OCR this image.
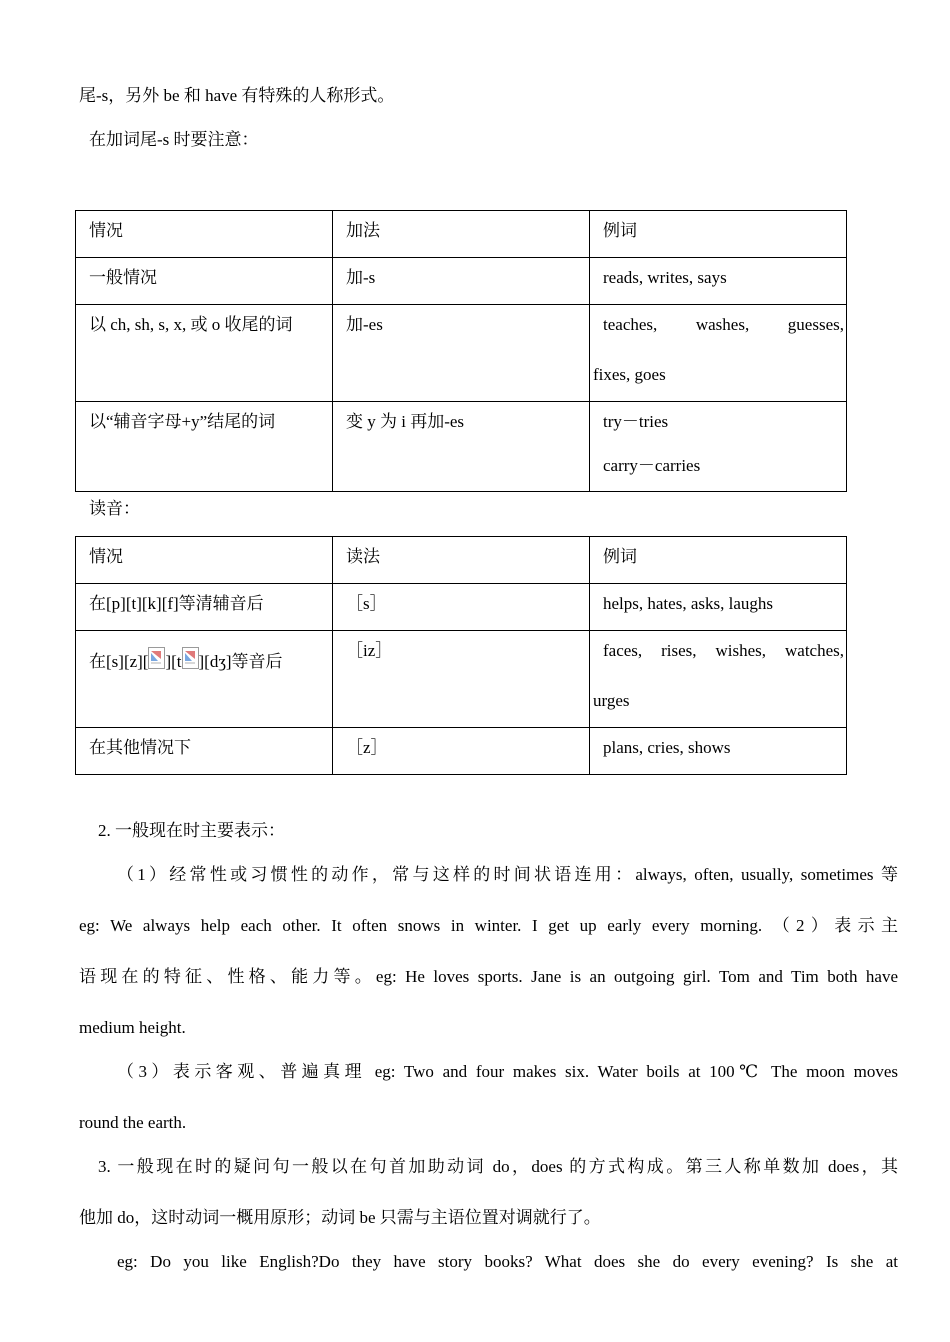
尾-s，另外 be 和 have 有特殊的人称形式。
在加词尾-s 时要注意：
情况	加法	例词
一般情况	加-s	reads, writes, says
以 ch, sh, s, x, 或 o 收尾的词	加-es	teaches, washes, guesses,
fixes, goes

以“辅音字母+y”结尾的词	变 y 为 i 再加-es	try－tries
carry－carries
读音：
情况	读法	例词
在[p][t][k][f]等清辅音后	［s］	helps, hates, asks, laughs
在[s][z][ ][t ][dʒ]等音后	［iz］	faces, rises, wishes, watches,
urges

在其他情况下	［z］	plans, cries, shows
2. 一般现在时主要表示：
（1）经常性或习惯性的动作，常与这样的时间状语连用：always, often, usually, sometimes 等
eg: We always help each other. It often snows in winter. I get up early every morning. （2）表示主
语现在的特征、性格、能力等。eg: He loves sports. Jane is an outgoing girl. Tom and Tim both have
medium height.
（3）表示客观、普遍真理 eg: Two and four makes six. Water boils at 100℃ The moon moves
round the earth.
3. 一般现在时的疑问句一般以在句首加助动词 do，does 的方式构成。第三人称单数加 does，其
他加 do，这时动词一概用原形；动词 be 只需与主语位置对调就行了。
eg: Do you like English?Do they have story books? What does she do every evening? Is she at
